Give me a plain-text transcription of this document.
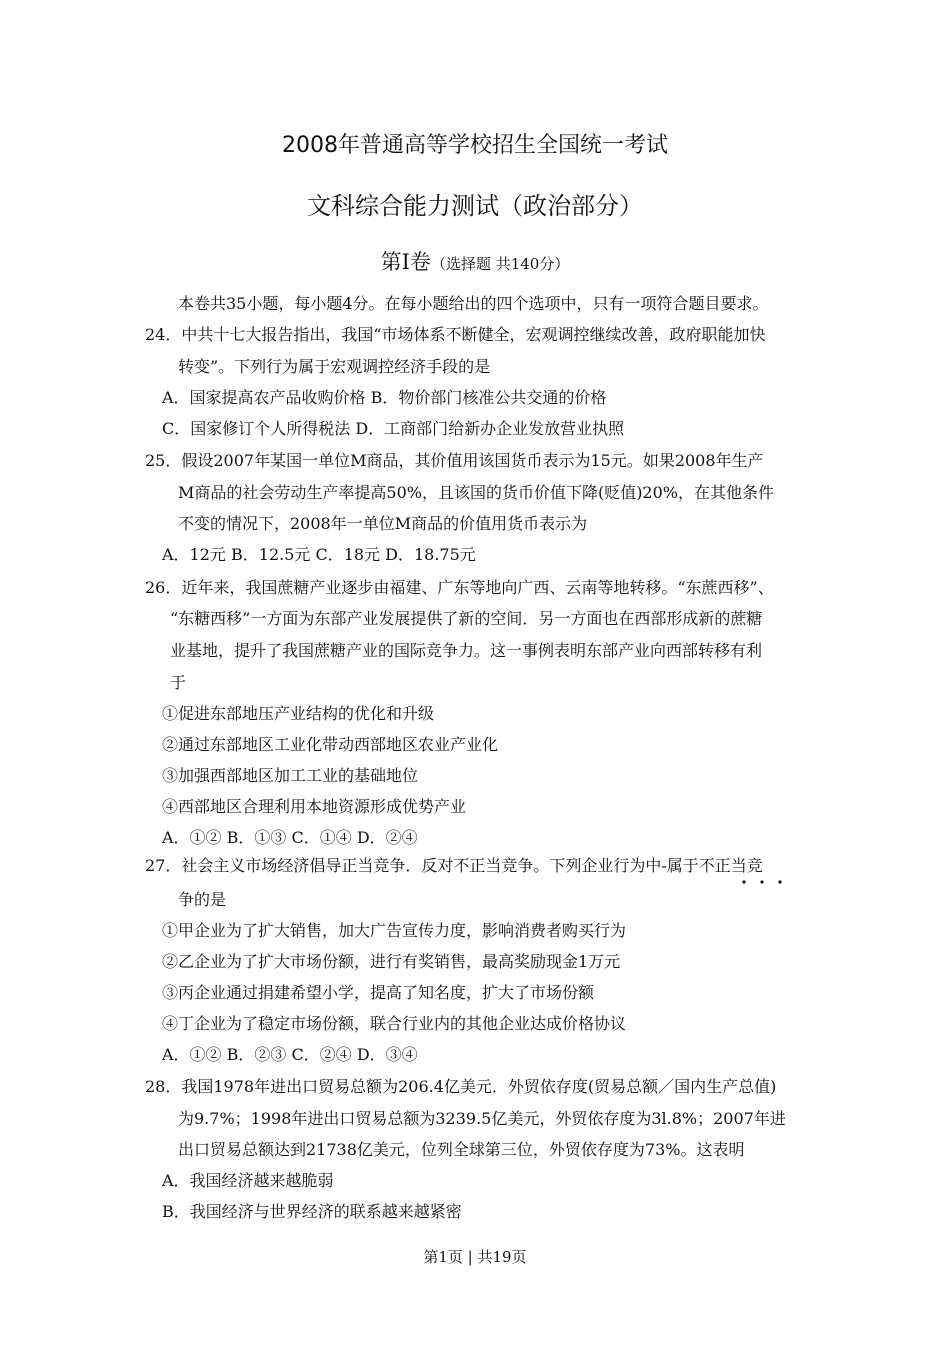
2008年普通高等学校招生全国统一考试
文科综合能力测试（政治部分）
第Ⅰ卷（选择题 共140分）
本卷共35小题，每小题4分。在每小题给出的四个选项中，只有一项符合题目要求。
24．中共十七大报告指出，我国“市场体系不断健全，宏观调控继续改善，政府职能加快
转变”。下列行为属于宏观调控经济手段的是
A．国家提高农产品收购价格 B．物价部门核准公共交通的价格
C．国家修订个人所得税法 D．工商部门给新办企业发放营业执照
25．假设2007年某国一单位M商品，其价值用该国货币表示为15元。如果2008年生产
M商品的社会劳动生产率提高50%，且该国的货币价值下降(贬值)20%，在其他条件
不变的情况下，2008年一单位M商品的价值用货币表示为
A．12元 B．12.5元 C．18元 D．18.75元
26．近年来，我国蔗糖产业逐步由福建、广东等地向广西、云南等地转移。“东蔗西移”、
“东糖西移”一方面为东部产业发展提供了新的空间．另一方面也在西部形成新的蔗糖
业基地，提升了我国蔗糖产业的国际竞争力。这一事例表明东部产业向西部转移有利
于
①促进东部地压产业结构的优化和升级
②通过东部地区工业化带动西部地区农业产业化
③加强西部地区加工工业的基础地位
④西部地区合理利用本地资源形成优势产业
A．①② B．①③ C．①④ D．②④
27．社会主义市场经济倡导正当竞争．反对不正当竞争。下列企业行为中-属于不正当竞
争的是
①甲企业为了扩大销售，加大广告宣传力度，影响消费者购买行为
②乙企业为了扩大市场份额，进行有奖销售，最高奖励现金1万元
③丙企业通过捐建希望小学，提高了知名度，扩大了市场份额
④丁企业为了稳定市场份额，联合行业内的其他企业达成价格协议
A．①② B．②③ C．②④ D．③④
28．我国1978年进出口贸易总额为206.4亿美元．外贸依存度(贸易总额／国内生产总值)
为9.7%；1998年进出口贸易总额为3239.5亿美元，外贸依存度为3l.8%；2007年进
出口贸易总额达到21738亿美元，位列全球第三位，外贸依存度为73%。这表明
A．我国经济越来越脆弱
B．我国经济与世界经济的联系越来越紧密
第1页 | 共19页
